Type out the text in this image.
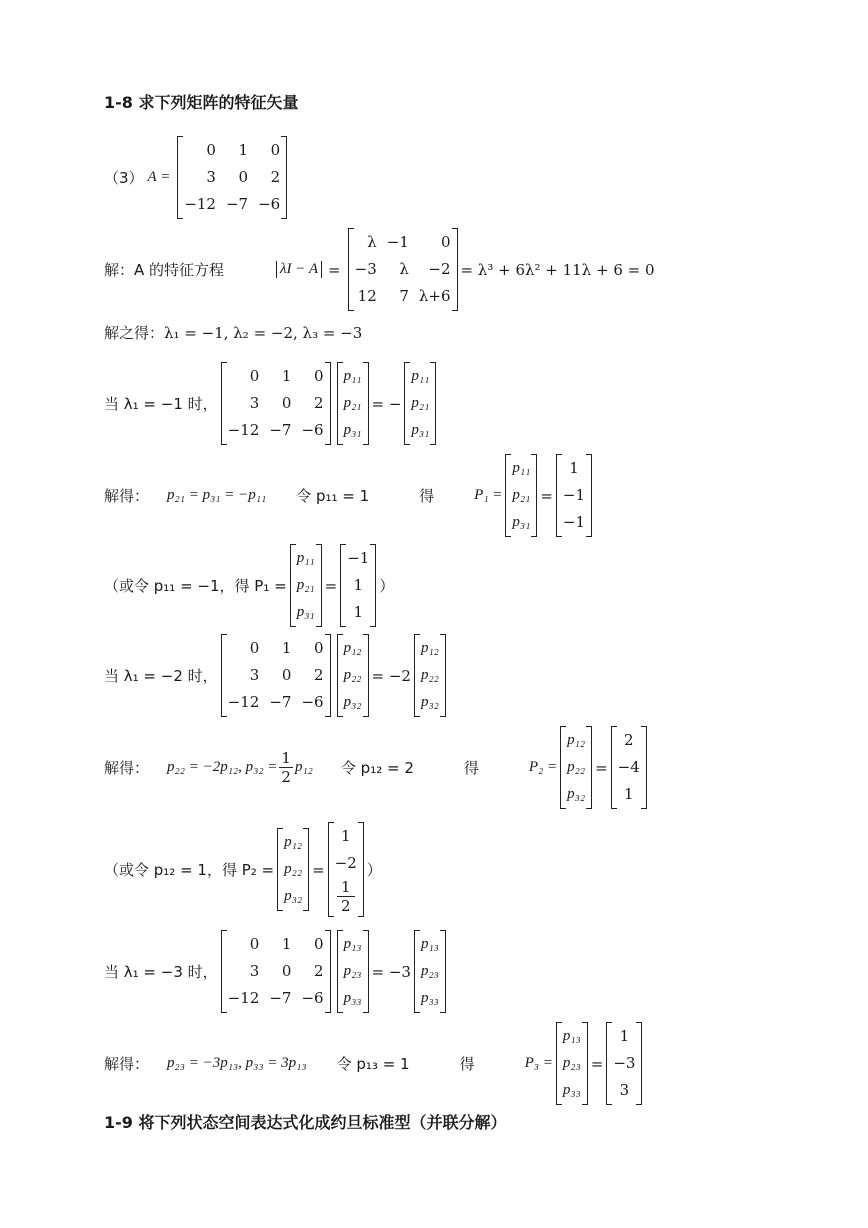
1-8 求下列矩阵的特征矢量
（3） A =
0	1	0
3	0	2
−12 −7 −6
解：A 的特征方程	λI − A =
λ −1	0
−3	λ	−2
12	7 λ+6
= λ³ + 6λ² + 11λ + 6 = 0
解之得： λ₁ = −1, λ₂ = −2, λ₃ = −3
当 λ₁ = −1 时，
0	1	0
3	0	2
−12 −7 −6
p₁₁
p₂₁
p₃₁
= −
p₁₁
p₂₁
p₃₁
解得： p₂₁ = p₃₁ = −p₁₁ 令 p₁₁ = 1	得	P₁ =
p₁₁
p₂₁
p₃₁
=
1
−1
−1
（或令 p₁₁ = −1，得 P₁ =
p₁₁
p₂₁
p₃₁
=
−1
1
1
）
当 λ₁ = −2 时，
0	1	0
3	0	2
−12 −7 −6
p₁₂
p₂₂
p₃₂
= −2
p₁₂
p₂₂
p₃₂
解得： p₂₂ = −2p₁₂, $p_{32} = \frac{1}{2} p_{12}$ 令 p₁₂ = 2	得	P₂ =
p₁₂
p₂₂
p₃₂
=
2
−4
1
（或令 p₁₂ = 1，得 P₂ =
p₁₂
p₂₂
p₃₂
=
1
−2
1
2
）
当 λ₁ = −3 时，
0	1	0
3	0	2
−12 −7 −6
p₁₃
p₂₃
p₃₃
= −3
p₁₃
p₂₃
p₃₃
解得： p₂₃ = −3p₁₃, p₃₃ = 3p₁₃ 令 p₁₃ = 1	得	P₃ =
p₁₃
p₂₃
p₃₃
=
1
−3
3
1-9 将下列状态空间表达式化成约旦标准型（并联分解）
